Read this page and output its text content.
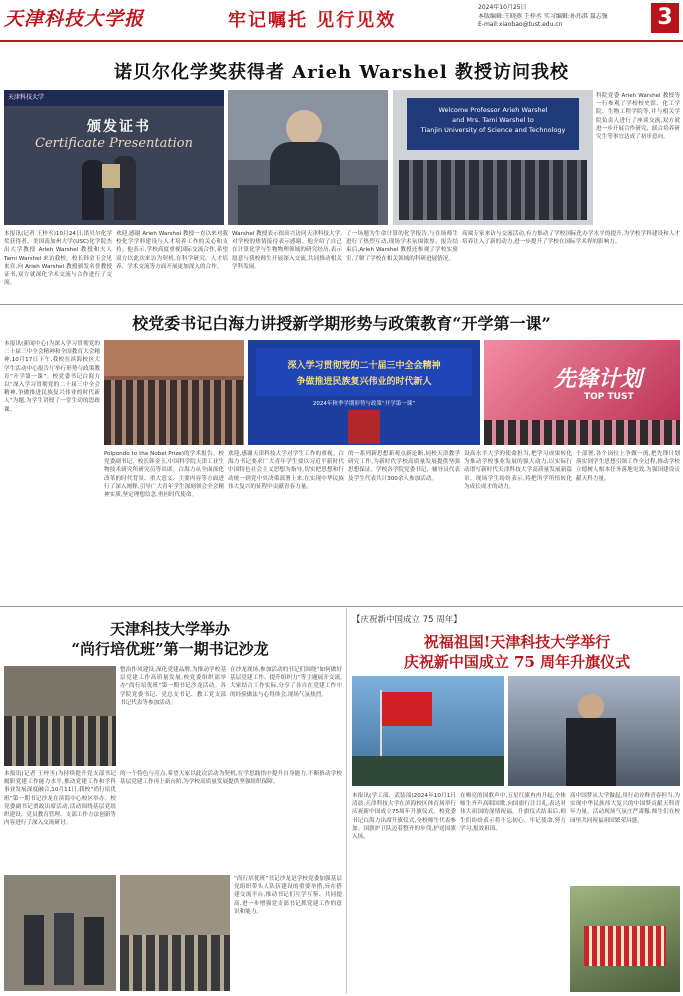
天津科技大学报	牢记嘱托 见行见效
2024年10月25日
本版编辑:王晓燕 王梓丞 实习编辑:孙玮淇 聂志强
E-mail:xiaobao@tust.edu.cn	3
诺贝尔化学奖获得者 Arieh Warshel 教授访问我校
天津科技大学
颁发证书
Certificate Presentation
Welcome Professor Arieh Warshel
and Mrs. Tami Warshel to
Tianjin University of Science and Technology
科院党委 Arieh Warshel 教授等一行参观了学校校史馆、化工学院、生物工程学院等,并与相关学院负责人进行了座谈交流,双方就进一步开展合作研究、联合培养研究生等事宜达成了初步意向。
本报讯(记者 王梓丞)10月24日,诺贝尔化学奖获得者、美国南加州大学(USC)化学院杰出大学教授 Arieh Warshel 教授和夫人 Tami Warshel 来访我校。校长韩金玉会见来宾,向 Arieh Warshel 教授颁发名誉教授证书,双方就深化学术交流与合作进行了交流。
欢迎,感谢 Arieh Warshel 教授一直以来对我校化学学科建设与人才培养工作的关心和支持。他表示,学校高度重视国际交流合作,希望双方以此次来访为契机,在科学研究、人才培养、学术交流等方面开展更加深入的合作。
Warshel 教授表示很高兴访问天津科技大学,对学校的热情接待表示感谢。他介绍了自己在计算化学与生物物理领域的研究经历,表示愿意与我校师生开展深入交流,共同推动相关学科发展。
了一场题为生命计算的化学报告,与在场师生进行了热烈互动,现场学术氛围浓厚。报告结束后,Arieh Warshel 教授还参观了学校实验室,了解了学校在相关领域的科研进展情况。
高端专家来访与交流活动,有力推动了学校国际化办学水平的提升,为学校学科建设和人才培养注入了新的动力,进一步提升了学校在国际学术界的影响力。
校党委书记白海力讲授新学期形势与政策教育“开学第一课”
本报讯(新闻中心)为深入学习贯彻党的二十届三中全会精神和全国教育大会精神,10月17日下午,我校在滨海校区大学生活动中心报告厅举行形势与政策教育“开学第一课”。校党委书记白海力以“深入学习贯彻党的二十届三中全会精神,争做推进民族复兴伟业的时代新人”为题,为学生讲授了一堂生动的思政课。
深入学习贯彻党的二十届三中全会精神
争做推进民族复兴伟业的时代新人
2024年秋季学期形势与政策“开学第一课”
先锋计划
TOP TUST
Polpondo to the Nobel Prize)的学术报告。校党委副书记、校长韩金玉,中国科学院天津工业生物技术研究所研究员等出席。白海力从全面深化改革的时代背景、重大意义、主要内容等方面进行了深入阐释,引导广大青年学生深刻领会全会精神实质,坚定理想信念,勇担时代使命。
欢迎,感谢天津科技大学对学生工作的重视。白海力书记要求广大青年学生要以习近平新时代中国特色社会主义思想为指导,切实把思想和行动统一到党中央决策部署上来,在实现中华民族伟大复兴的征程中贡献青春力量。
的一系列新思想新观点新论断,同校天津教学研究工作,为新时代学校高质量发展提供坚强思想保证。学校各学院党委书记、辅导员代表及学生代表共计300余人参加活动。
设高水平大学的使命担当,把学习成果转化为推动学校事业发展的强大动力,以实际行动谱写新时代天津科技大学高质量发展新篇章。现场学生纷纷表示,将把所学所悟转化为成长成才的动力。
个部署,各个岗位上争做一流,把先锋计划落实到学生思想引领工作全过程,推动学校立德树人根本任务落地见效,为强国建设贡献天科力量。
天津科技大学举办
“尚行培优班”第一期书记沙龙
整治作风建设,深化党建品牌,为推动学校基层党建工作高质量发展,校党委组织部举办“尚行培优班”第一期书记沙龙活动。各学院党委书记、党总支书记、教工党支部书记代表等参加活动。
在沙龙现场,参加活动的书记们围绕“如何做好基层党建工作、提升组织力”等主题展开交流,大家结合工作实际,分享了各自在党建工作中的经验做法与心得体会,现场气氛热烈。
本报讯(记者 王梓丞)为持续提升党支部书记履职党建工作能力水平,推动党建工作和学科事业发展深度融合,10月11日,我校“尚行培优班”第一期书记沙龙在滨海中心校区举办。校党委副书记贾政出席活动,活动围绕基层党组织建设、党员教育管理、支部工作方法创新等内容进行了深入交流研讨。
的一个特色与亮点,希望大家以此次活动为契机,在学思践悟中提升自身能力,不断推动学校基层党建工作再上新台阶,为学校高质量发展提供坚强组织保障。
“尚行培优班”书记沙龙是学校党委加强基层党组织带头人队伍建设的重要举措,旨在搭建交流平台,推动书记们互学互鉴、共同提高,进一步增强党支部书记抓党建工作的意识和能力。
【庆祝新中国成立 75 周年】
祝福祖国!天津科技大学举行
庆祝新中国成立 75 周年升旗仪式
本报讯(学工部、武装部)2024年10月1日清晨,天津科技大学在滨海校区体育场举行庆祝新中国成立75周年升旗仪式。校党委书记白海力出席升旗仪式,全校师生代表参加。国旗护卫队迈着整齐的步伐,护送国旗入场。
在嘹亮的国歌声中,五星红旗冉冉升起,全体师生齐声高唱国歌,向国旗行注目礼,表达对伟大祖国的深情祝福。升旗仪式结束后,师生们纷纷表示将不忘初心、牢记使命,努力学习,报效祖国。
高中国梦从大学做起,用行动诠释青春担当,为实现中华民族伟大复兴的中国梦贡献天科青年力量。活动现场气氛庄严肃穆,师生们在校园里共同祝福祖国繁荣昌盛。
